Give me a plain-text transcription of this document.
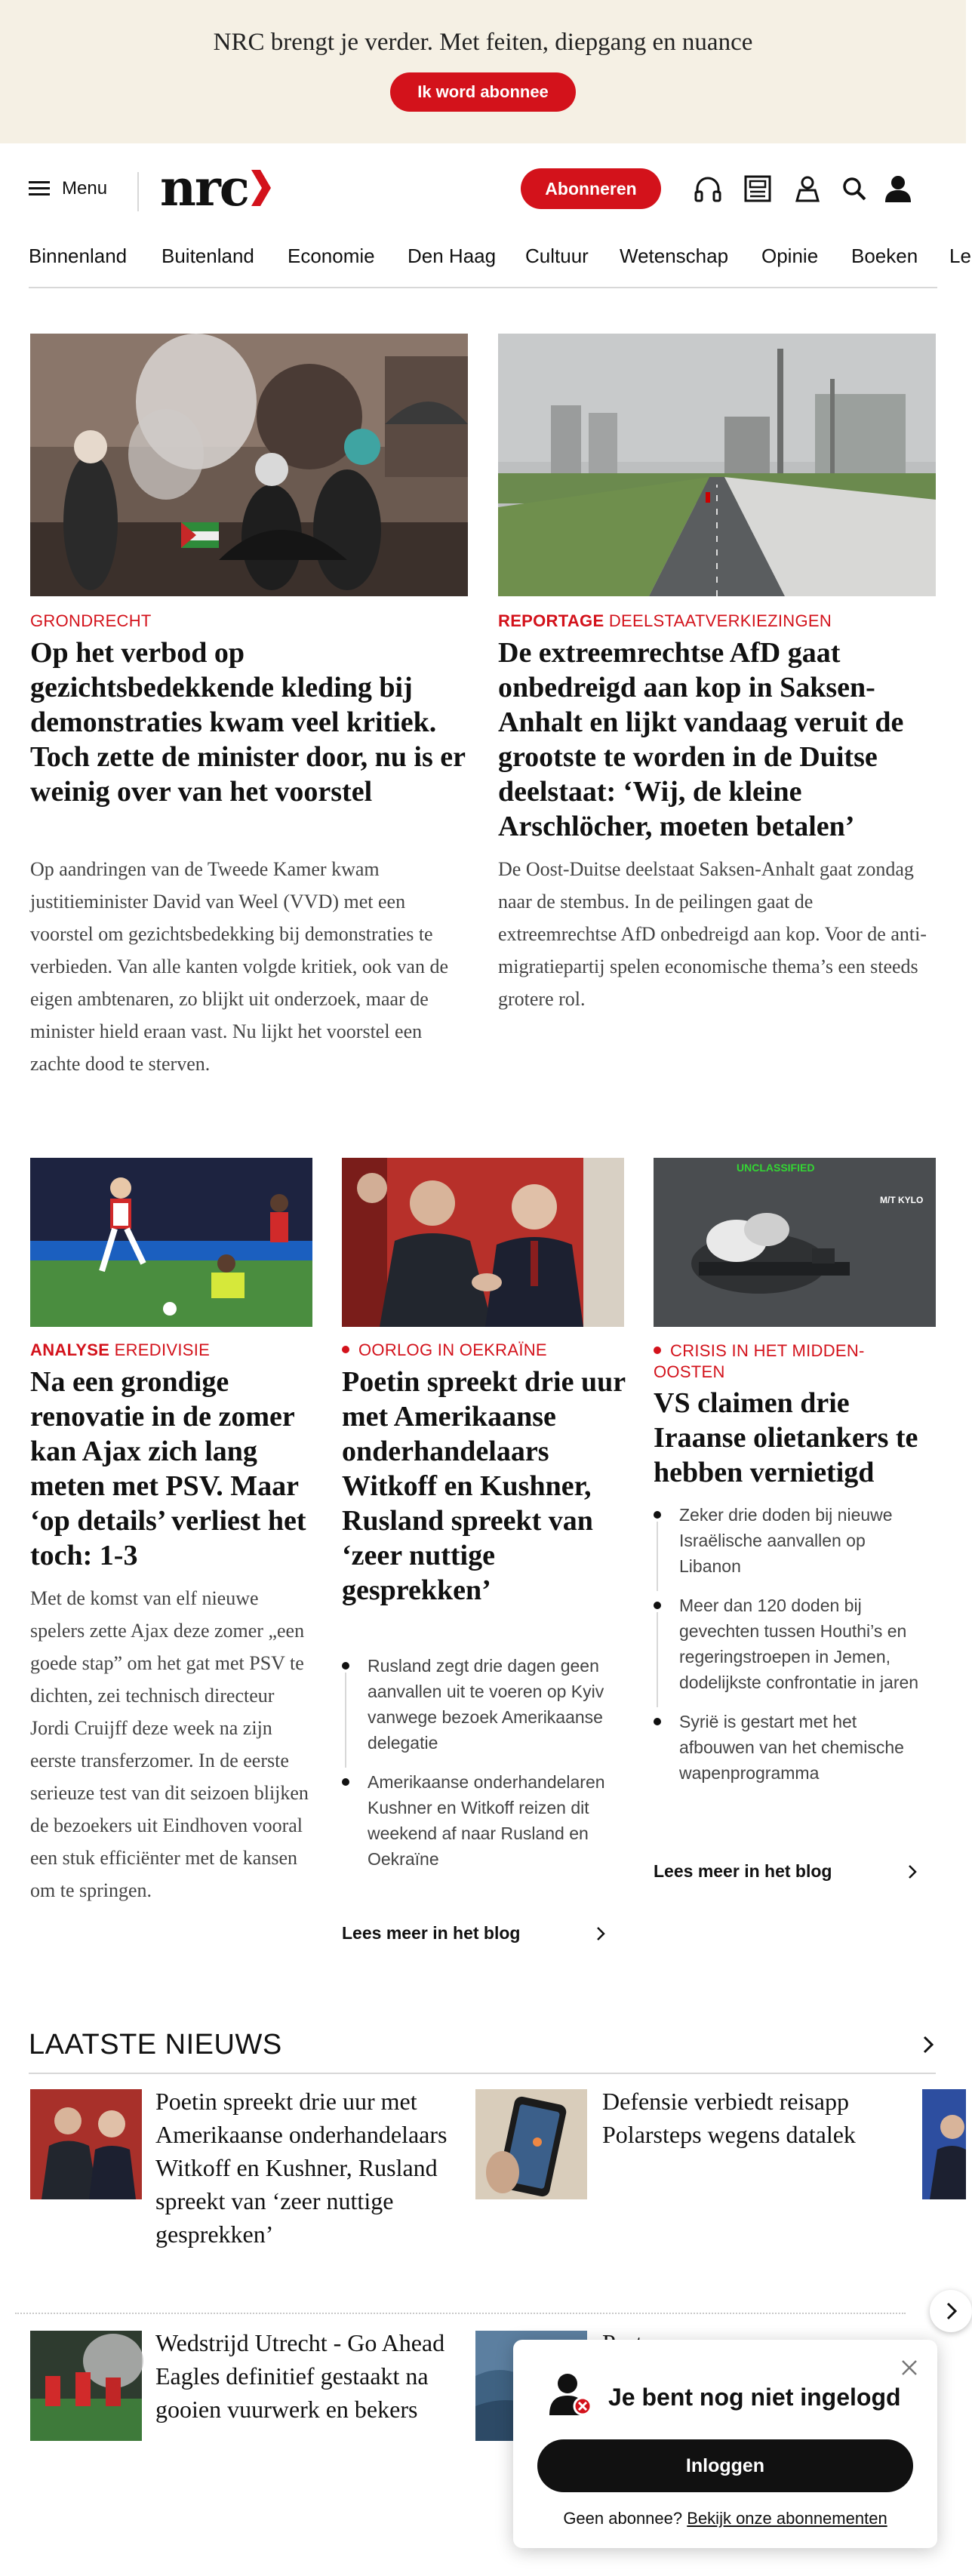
NRC brengt je verder. Met feiten, diepgang en nuance
Ik word abonnee
Menu nrc	Abonneren
Binnenland Buitenland Economie Den Haag Cultuur Wetenschap Opinie Boeken Le
GRONDRECHT
Op het verbod op gezichtsbedekkende kleding bij demonstraties kwam veel kritiek. Toch zette de minister door, nu is er weinig over van het voorstel
Op aandringen van de Tweede Kamer kwam justitieminister David van Weel (VVD) met een voorstel om gezichtsbedekking bij demonstraties te verbieden. Van alle kanten volgde kritiek, ook van de eigen ambtenaren, zo blijkt uit onderzoek, maar de minister hield eraan vast. Nu lijkt het voorstel een zachte dood te sterven.
REPORTAGE DEELSTAATVERKIEZINGEN
De extreemrechtse AfD gaat onbedreigd aan kop in Saksen-Anhalt en lijkt vandaag veruit de grootste te worden in de Duitse deelstaat: ‘Wij, de kleine Arschlöcher, moeten betalen’
De Oost-Duitse deelstaat Saksen-Anhalt gaat zondag naar de stembus. In de peilingen gaat de extreemrechtse AfD onbedreigd aan kop. Voor de anti-migratiepartij spelen economische thema’s een steeds grotere rol.
ANALYSE EREDIVISIE
Na een grondige renovatie in de zomer kan Ajax zich lang meten met PSV. Maar ‘op details’ verliest het toch: 1-3
Met de komst van elf nieuwe spelers zette Ajax deze zomer „een goede stap” om het gat met PSV te dichten, zei technisch directeur Jordi Cruijff deze week na zijn eerste transferzomer. In de eerste serieuze test van dit seizoen blijken de bezoekers uit Eindhoven vooral een stuk efficiënter met de kansen om te springen.
OORLOG IN OEKRAÏNE
Poetin spreekt drie uur met Amerikaanse onderhandelaars Witkoff en Kushner, Rusland spreekt van ‘zeer nuttige gesprekken’
Rusland zegt drie dagen geen aanvallen uit te voeren op Kyiv vanwege bezoek Amerikaanse delegatie
Amerikaanse onderhandelaren Kushner en Witkoff reizen dit weekend af naar Rusland en Oekraïne
Lees meer in het blog
UNCLASSIFIED
M/T KYLO
CRISIS IN HET MIDDEN-OOSTEN
VS claimen drie Iraanse olietankers te hebben vernietigd
Zeker drie doden bij nieuwe Israëlische aanvallen op Libanon
Meer dan 120 doden bij gevechten tussen Houthi’s en regeringstroepen in Jemen, dodelijkste confrontatie in jaren
Syrië is gestart met het afbouwen van het chemische wapenprogramma
Lees meer in het blog
LAATSTE NIEUWS
Poetin spreekt drie uur met Amerikaanse onderhandelaars Witkoff en Kushner, Rusland spreekt van ‘zeer nuttige gesprekken’
Defensie verbiedt reisapp Polarsteps wegens datalek
Wedstrijd Utrecht - Go Ahead Eagles definitief gestaakt na gooien vuurwerk en bekers	Je bent nog niet ingelogd
Inloggen
Geen abonnee? Bekijk onze abonnementen
